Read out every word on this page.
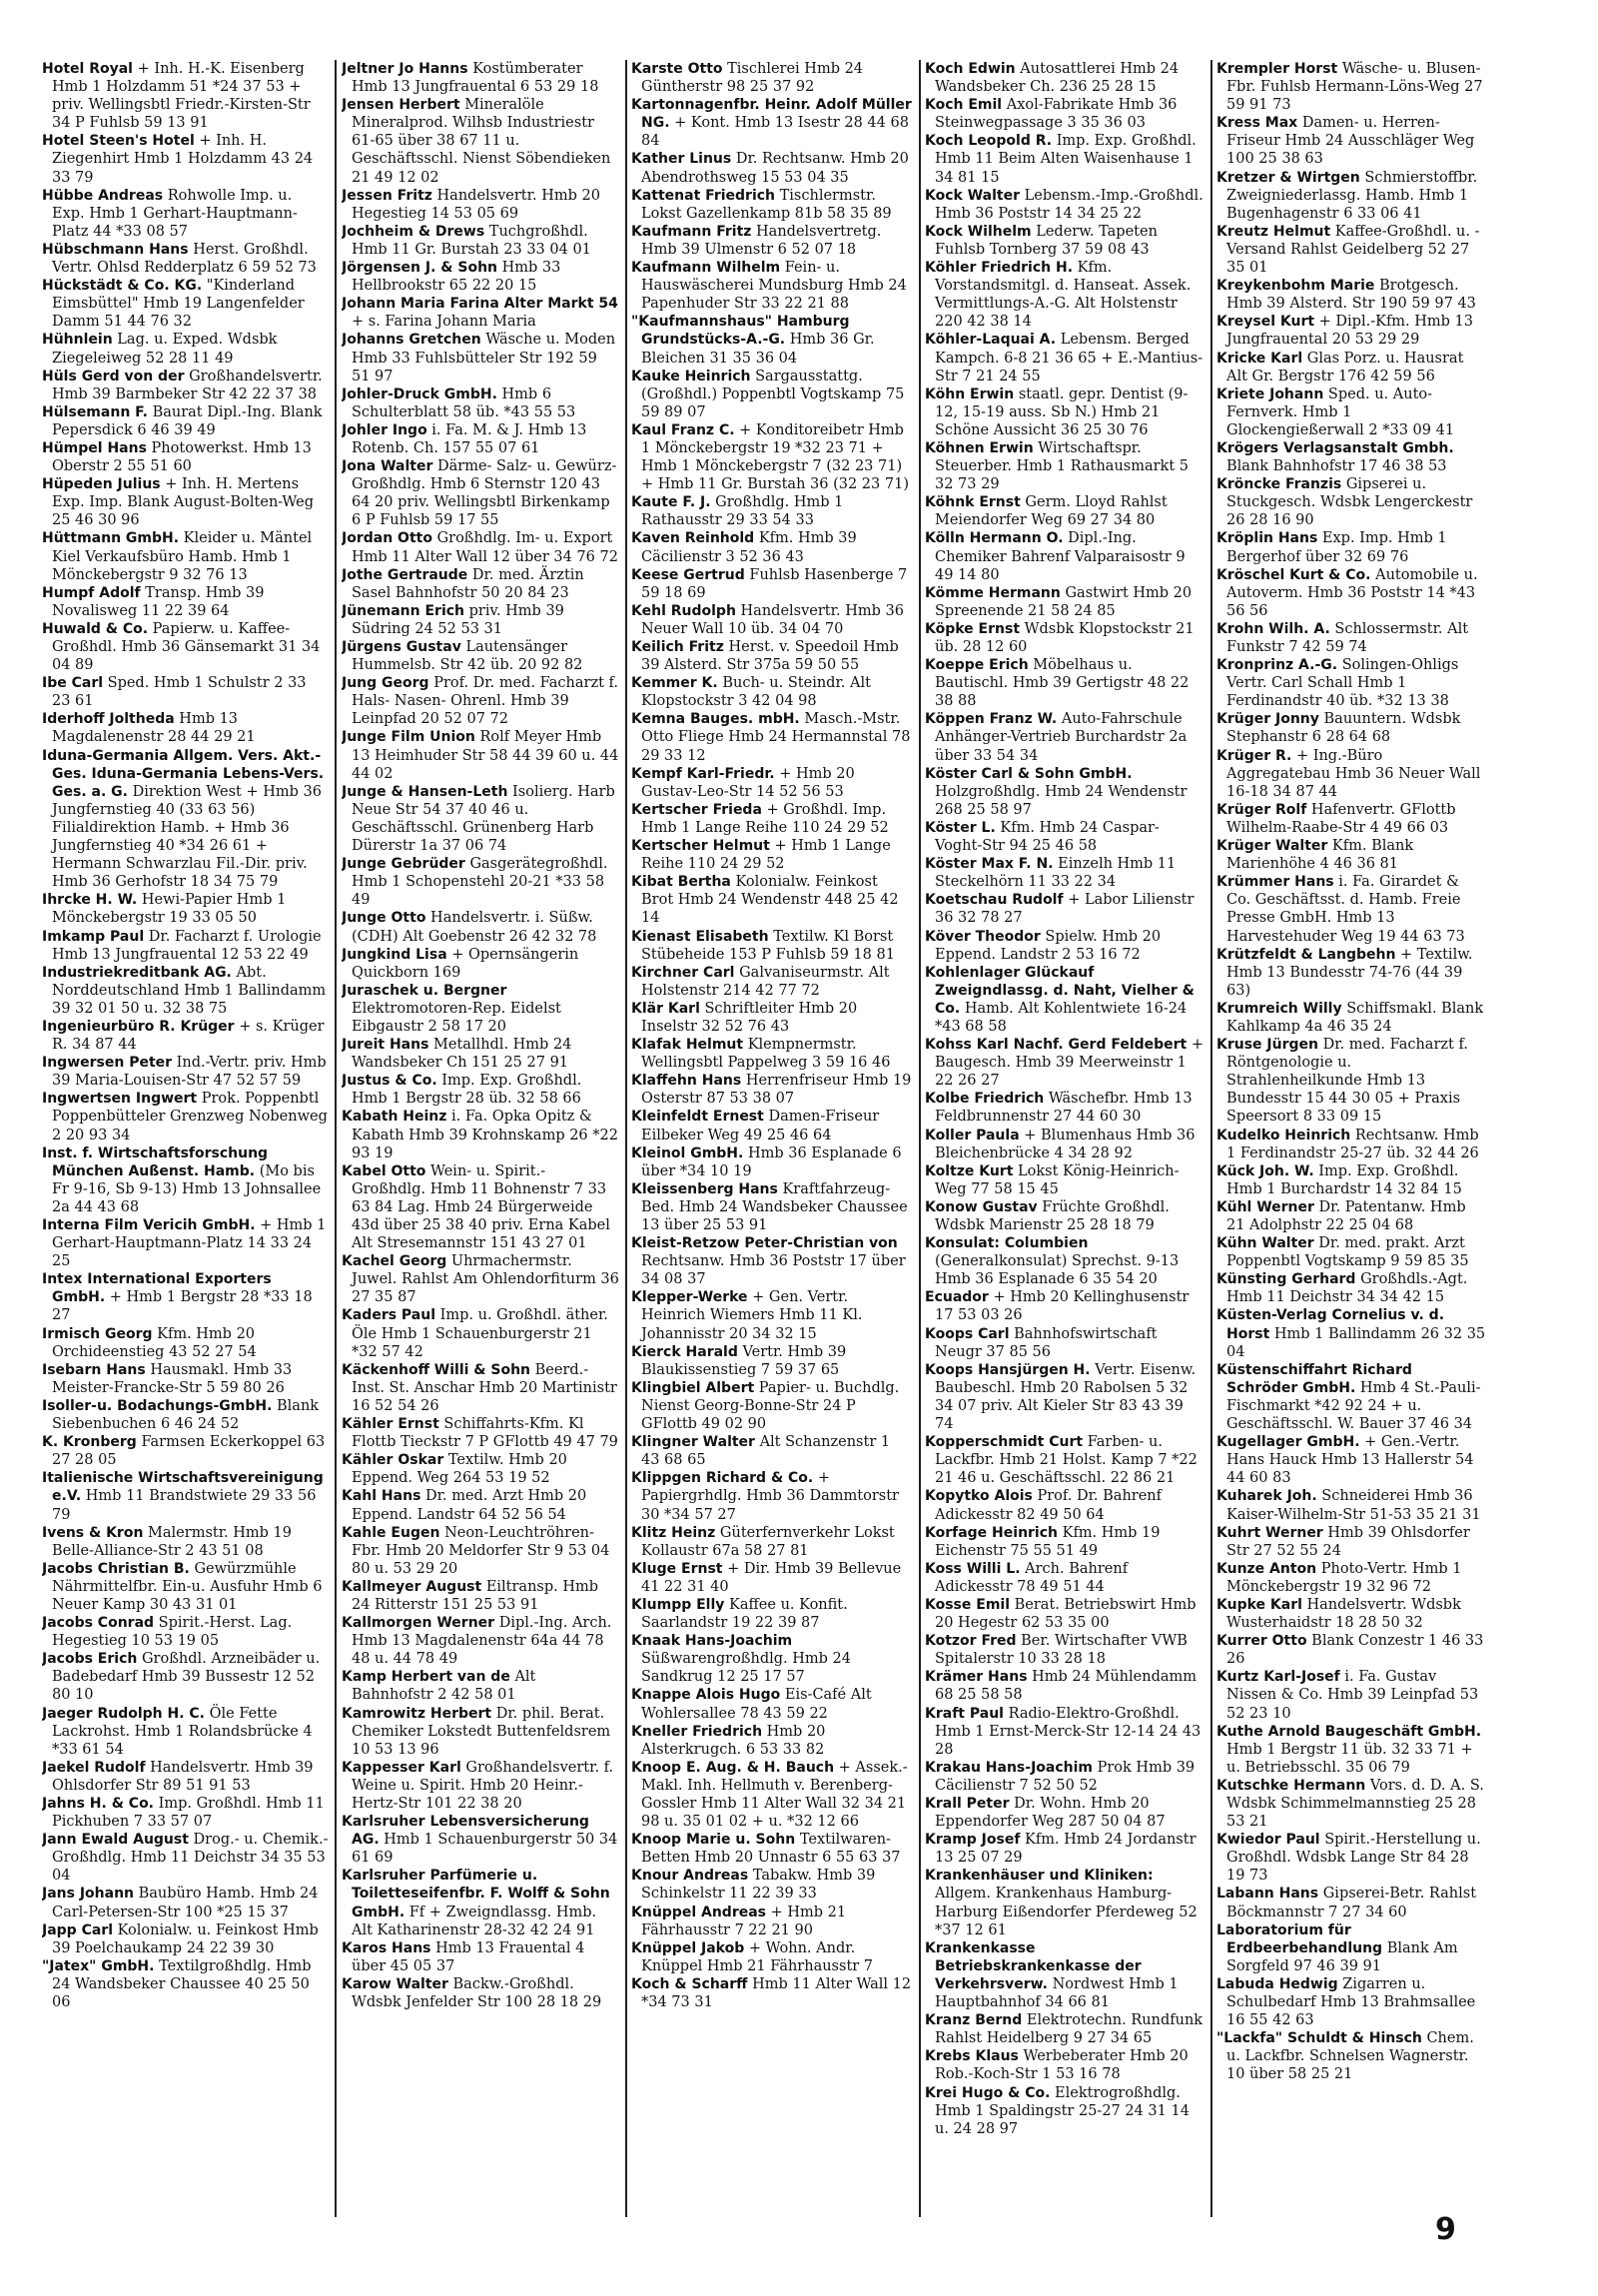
Hotel Royal + Inh. H.-K. Eisenberg Hmb 1 Holzdamm 51 *24 37 53 + priv. Wellingsbtl Friedr.-Kirsten-Str 34 P Fuhlsb 59 13 91

Hotel Steen's Hotel + Inh. H. Ziegenhirt Hmb 1 Holzdamm 43 24 33 79

Hübbe Andreas Rohwolle Imp. u. Exp. Hmb 1 Gerhart-Hauptmann-Platz 44 *33 08 57

Hübschmann Hans Herst. Großhdl. Vertr. Ohlsd Redderplatz 6 59 52 73

Hückstädt & Co. KG. "Kinderland Eimsbüttel" Hmb 19 Langenfelder Damm 51 44 76 32

Hühnlein Lag. u. Exped. Wdsbk Ziegeleiweg 52 28 11 49

Hüls Gerd von der Großhandelsvertr. Hmb 39 Barmbeker Str 42 22 37 38

Hülsemann F. Baurat Dipl.-Ing. Blank Pepersdick 6 46 39 49

Hümpel Hans Photowerkst. Hmb 13 Oberstr 2 55 51 60

Hüpeden Julius + Inh. H. Mertens Exp. Imp. Blank August-Bolten-Weg 25 46 30 96

Hüttmann GmbH. Kleider u. Mäntel Kiel Verkaufsbüro Hamb. Hmb 1 Mönckebergstr 9 32 76 13

Humpf Adolf Transp. Hmb 39 Novalisweg 11 22 39 64

Huwald & Co. Papierw. u. Kaffee-Großhdl. Hmb 36 Gänsemarkt 31 34 04 89

Ibe Carl Sped. Hmb 1 Schulstr 2 33 23 61

Iderhoff Joltheda Hmb 13 Magdalenenstr 28 44 29 21

Iduna-Germania Allgem. Vers. Akt.-Ges. Iduna-Germania Lebens-Vers. Ges. a. G. Direktion West + Hmb 36 Jungfernstieg 40 (33 63 56) Filialdirektion Hamb. + Hmb 36 Jungfernstieg 40 *34 26 61 + Hermann Schwarzlau Fil.-Dir. priv. Hmb 36 Gerhofstr 18 34 75 79

Ihrcke H. W. Hewi-Papier Hmb 1 Mönckebergstr 19 33 05 50

Imkamp Paul Dr. Facharzt f. Urologie Hmb 13 Jungfrauental 12 53 22 49

Industriekreditbank AG. Abt. Norddeutschland Hmb 1 Ballindamm 39 32 01 50 u. 32 38 75

Ingenieurbüro R. Krüger + s. Krüger R. 34 87 44

Ingwersen Peter Ind.-Vertr. priv. Hmb 39 Maria-Louisen-Str 47 52 57 59

Ingwertsen Ingwert Prok. Poppenbtl Poppenbütteler Grenzweg Nobenweg 2 20 93 34

Inst. f. Wirtschaftsforschung München Außenst. Hamb. (Mo bis Fr 9-16, Sb 9-13) Hmb 13 Johnsallee 2a 44 43 68

Interna Film Vericih GmbH. + Hmb 1 Gerhart-Hauptmann-Platz 14 33 24 25

Intex International Exporters GmbH. + Hmb 1 Bergstr 28 *33 18 27

Irmisch Georg Kfm. Hmb 20 Orchideenstieg 43 52 27 54

Isebarn Hans Hausmakl. Hmb 33 Meister-Francke-Str 5 59 80 26

Isoller-u. Bodachungs-GmbH. Blank Siebenbuchen 6 46 24 52

K. Kronberg Farmsen Eckerkoppel 63 27 28 05

Italienische Wirtschaftsvereinigung e.V. Hmb 11 Brandstwiete 29 33 56 79

Ivens & Kron Malermstr. Hmb 19 Belle-Alliance-Str 2 43 51 08

Jacobs Christian B. Gewürzmühle Nährmittelfbr. Ein-u. Ausfuhr Hmb 6 Neuer Kamp 30 43 31 01

Jacobs Conrad Spirit.-Herst. Lag. Hegestieg 10 53 19 05

Jacobs Erich Großhdl. Arzneibäder u. Badebedarf Hmb 39 Bussestr 12 52 80 10

Jaeger Rudolph H. C. Öle Fette Lackrohst. Hmb 1 Rolandsbrücke 4 *33 61 54

Jaekel Rudolf Handelsvertr. Hmb 39 Ohlsdorfer Str 89 51 91 53

Jahns H. & Co. Imp. Großhdl. Hmb 11 Pickhuben 7 33 57 07

Jann Ewald August Drog.- u. Chemik.-Großhdlg. Hmb 11 Deichstr 34 35 53 04

Jans Johann Baubüro Hamb. Hmb 24 Carl-Petersen-Str 100 *25 15 37

Japp Carl Kolonialw. u. Feinkost Hmb 39 Poelchaukamp 24 22 39 30

"Jatex" GmbH. Textilgroßhdlg. Hmb 24 Wandsbeker Chaussee 40 25 50 06

Jeltner Jo Hanns Kostümberater Hmb 13 Jungfrauental 6 53 29 18

Jensen Herbert Mineralöle Mineralprod. Wilhsb Industriestr 61-65 über 38 67 11 u. Geschäftsschl. Nienst Söbendieken 21 49 12 02

Jessen Fritz Handelsvertr. Hmb 20 Hegestieg 14 53 05 69

Jochheim & Drews Tuchgroßhdl. Hmb 11 Gr. Burstah 23 33 04 01

Jörgensen J. & Sohn Hmb 33 Hellbrookstr 65 22 20 15

Johann Maria Farina Alter Markt 54 + s. Farina Johann Maria

Johanns Gretchen Wäsche u. Moden Hmb 33 Fuhlsbütteler Str 192 59 51 97

Johler-Druck GmbH. Hmb 6 Schulterblatt 58 üb. *43 55 53

Johler Ingo i. Fa. M. & J. Hmb 13 Rotenb. Ch. 157 55 07 61

Jona Walter Därme- Salz- u. Gewürz-Großhdlg. Hmb 6 Sternstr 120 43 64 20 priv. Wellingsbtl Birkenkamp 6 P Fuhlsb 59 17 55

Jordan Otto Großhdlg. Im- u. Export Hmb 11 Alter Wall 12 über 34 76 72

Jothe Gertraude Dr. med. Ärztin Sasel Bahnhofstr 50 20 84 23

Jünemann Erich priv. Hmb 39 Südring 24 52 53 31

Jürgens Gustav Lautensänger Hummelsb. Str 42 üb. 20 92 82

Jung Georg Prof. Dr. med. Facharzt f. Hals- Nasen- Ohrenl. Hmb 39 Leinpfad 20 52 07 72

Junge Film Union Rolf Meyer Hmb 13 Heimhuder Str 58 44 39 60 u. 44 44 02

Junge & Hansen-Leth Isolierg. Harb Neue Str 54 37 40 46 u. Geschäftsschl. Grünenberg Harb Dürerstr 1a 37 06 74

Junge Gebrüder Gasgerätegroßhdl. Hmb 1 Schopenstehl 20-21 *33 58 49

Junge Otto Handelsvertr. i. Süßw. (CDH) Alt Goebenstr 26 42 32 78

Jungkind Lisa + Opernsängerin Quickborn 169

Juraschek u. Bergner Elektromotoren-Rep. Eidelst Eibgaustr 2 58 17 20

Jureit Hans Metallhdl. Hmb 24 Wandsbeker Ch 151 25 27 91

Justus & Co. Imp. Exp. Großhdl. Hmb 1 Bergstr 28 üb. 32 58 66

Kabath Heinz i. Fa. Opka Opitz & Kabath Hmb 39 Krohnskamp 26 *22 93 19

Kabel Otto Wein- u. Spirit.-Großhdlg. Hmb 11 Bohnenstr 7 33 63 84 Lag. Hmb 24 Bürgerweide 43d über 25 38 40 priv. Erna Kabel Alt Stresemannstr 151 43 27 01

Kachel Georg Uhrmachermstr. Juwel. Rahlst Am Ohlendorfiturm 36 27 35 87

Kaders Paul Imp. u. Großhdl. äther. Öle Hmb 1 Schauenburgerstr 21 *32 57 42

Käckenhoff Willi & Sohn Beerd.-Inst. St. Anschar Hmb 20 Martinistr 16 52 54 26

Kähler Ernst Schiffahrts-Kfm. Kl Flottb Tieckstr 7 P GFlottb 49 47 79

Kähler Oskar Textilw. Hmb 20 Eppend. Weg 264 53 19 52

Kahl Hans Dr. med. Arzt Hmb 20 Eppend. Landstr 64 52 56 54

Kahle Eugen Neon-Leuchtröhren-Fbr. Hmb 20 Meldorfer Str 9 53 04 80 u. 53 29 20

Kallmeyer August Eiltransp. Hmb 24 Ritterstr 151 25 53 91

Kallmorgen Werner Dipl.-Ing. Arch. Hmb 13 Magdalenenstr 64a 44 78 48 u. 44 78 49

Kamp Herbert van de Alt Bahnhofstr 2 42 58 01

Kamrowitz Herbert Dr. phil. Berat. Chemiker Lokstedt Buttenfeldsrem 10 53 13 96

Kappesser Karl Großhandelsvertr. f. Weine u. Spirit. Hmb 20 Heinr.-Hertz-Str 101 22 38 20

Karlsruher Lebensversicherung AG. Hmb 1 Schauenburgerstr 50 34 61 69

Karlsruher Parfümerie u. Toiletteseifenfbr. F. Wolff & Sohn GmbH. Ff + Zweigndlassg. Hmb. Alt Katharinenstr 28-32 42 24 91

Karos Hans Hmb 13 Frauental 4 über 45 05 37

Karow Walter Backw.-Großhdl. Wdsbk Jenfelder Str 100 28 18 29

Karste Otto Tischlerei Hmb 24 Güntherstr 98 25 37 92

Kartonnagenfbr. Heinr. Adolf Müller NG. + Kont. Hmb 13 Isestr 28 44 68 84

Kather Linus Dr. Rechtsanw. Hmb 20 Abendrothsweg 15 53 04 35

Kattenat Friedrich Tischlermstr. Lokst Gazellenkamp 81b 58 35 89

Kaufmann Fritz Handelsvertretg. Hmb 39 Ulmenstr 6 52 07 18

Kaufmann Wilhelm Fein- u. Hauswäscherei Mundsburg Hmb 24 Papenhuder Str 33 22 21 88

"Kaufmannshaus" Hamburg Grundstücks-A.-G. Hmb 36 Gr. Bleichen 31 35 36 04

Kauke Heinrich Sargausstattg. (Großhdl.) Poppenbtl Vogtskamp 75 59 89 07

Kaul Franz C. + Konditoreibetr Hmb 1 Mönckebergstr 19 *32 23 71 + Hmb 1 Mönckebergstr 7 (32 23 71) + Hmb 11 Gr. Burstah 36 (32 23 71)

Kaute F. J. Großhdlg. Hmb 1 Rathausstr 29 33 54 33

Kaven Reinhold Kfm. Hmb 39 Cäcilienstr 3 52 36 43

Keese Gertrud Fuhlsb Hasenberge 7 59 18 69

Kehl Rudolph Handelsvertr. Hmb 36 Neuer Wall 10 üb. 34 04 70

Keilich Fritz Herst. v. Speedoil Hmb 39 Alsterd. Str 375a 59 50 55

Kemmer K. Buch- u. Steindr. Alt Klopstockstr 3 42 04 98

Kemna Bauges. mbH. Masch.-Mstr. Otto Fliege Hmb 24 Hermannstal 78 29 33 12

Kempf Karl-Friedr. + Hmb 20 Gustav-Leo-Str 14 52 56 53

Kertscher Frieda + Großhdl. Imp. Hmb 1 Lange Reihe 110 24 29 52

Kertscher Helmut + Hmb 1 Lange Reihe 110 24 29 52

Kibat Bertha Kolonialw. Feinkost Brot Hmb 24 Wendenstr 448 25 42 14

Kienast Elisabeth Textilw. Kl Borst Stübeheide 153 P Fuhlsb 59 18 81

Kirchner Carl Galvaniseurmstr. Alt Holstenstr 214 42 77 72

Klär Karl Schriftleiter Hmb 20 Inselstr 32 52 76 43

Klafak Helmut Klempnermstr. Wellingsbtl Pappelweg 3 59 16 46

Klaffehn Hans Herrenfriseur Hmb 19 Osterstr 87 53 38 07

Kleinfeldt Ernest Damen-Friseur Eilbeker Weg 49 25 46 64

Kleinol GmbH. Hmb 36 Esplanade 6 über *34 10 19

Kleissenberg Hans Kraftfahrzeug-Bed. Hmb 24 Wandsbeker Chaussee 13 über 25 53 91

Kleist-Retzow Peter-Christian von Rechtsanw. Hmb 36 Poststr 17 über 34 08 37

Klepper-Werke + Gen. Vertr. Heinrich Wiemers Hmb 11 Kl. Johannisstr 20 34 32 15

Kierck Harald Vertr. Hmb 39 Blaukissenstieg 7 59 37 65

Klingbiel Albert Papier- u. Buchdlg. Nienst Georg-Bonne-Str 24 P GFlottb 49 02 90

Klingner Walter Alt Schanzenstr 1 43 68 65

Klippgen Richard & Co. + Papiergrhdlg. Hmb 36 Dammtorstr 30 *34 57 27

Klitz Heinz Güterfernverkehr Lokst Kollaustr 67a 58 27 81

Kluge Ernst + Dir. Hmb 39 Bellevue 41 22 31 40

Klumpp Elly Kaffee u. Konfit. Saarlandstr 19 22 39 87

Knaak Hans-Joachim Süßwarengroßhdlg. Hmb 24 Sandkrug 12 25 17 57

Knappe Alois Hugo Eis-Café Alt Wohlersallee 78 43 59 22

Kneller Friedrich Hmb 20 Alsterkrugch. 6 53 33 82

Knoop E. Aug. & H. Bauch + Assek.-Makl. Inh. Hellmuth v. Berenberg-Gossler Hmb 11 Alter Wall 32 34 21 98 u. 35 01 02 + u. *32 12 66

Knoop Marie u. Sohn Textilwaren-Betten Hmb 20 Unnastr 6 55 63 37

Knour Andreas Tabakw. Hmb 39 Schinkelstr 11 22 39 33

Knüppel Andreas + Hmb 21 Fährhausstr 7 22 21 90

Knüppel Jakob + Wohn. Andr. Knüppel Hmb 21 Fährhausstr 7

Koch & Scharff Hmb 11 Alter Wall 12 *34 73 31

Koch Edwin Autosattlerei Hmb 24 Wandsbeker Ch. 236 25 28 15

Koch Emil Axol-Fabrikate Hmb 36 Steinwegpassage 3 35 36 03

Koch Leopold R. Imp. Exp. Großhdl. Hmb 11 Beim Alten Waisenhause 1 34 81 15

Kock Walter Lebensm.-Imp.-Großhdl. Hmb 36 Poststr 14 34 25 22

Kock Wilhelm Lederw. Tapeten Fuhlsb Tornberg 37 59 08 43

Köhler Friedrich H. Kfm. Vorstandsmitgl. d. Hanseat. Assek. Vermittlungs-A.-G. Alt Holstenstr 220 42 38 14

Köhler-Laquai A. Lebensm. Berged Kampch. 6-8 21 36 65 + E.-Mantius-Str 7 21 24 55

Köhn Erwin staatl. gepr. Dentist (9-12, 15-19 auss. Sb N.) Hmb 21 Schöne Aussicht 36 25 30 76

Köhnen Erwin Wirtschaftspr. Steuerber. Hmb 1 Rathausmarkt 5 32 73 29

Köhnk Ernst Germ. Lloyd Rahlst Meiendorfer Weg 69 27 34 80

Kölln Hermann O. Dipl.-Ing. Chemiker Bahrenf Valparaisostr 9 49 14 80

Kömme Hermann Gastwirt Hmb 20 Spreenende 21 58 24 85

Köpke Ernst Wdsbk Klopstockstr 21 üb. 28 12 60

Koeppe Erich Möbelhaus u. Bautischl. Hmb 39 Gertigstr 48 22 38 88

Köppen Franz W. Auto-Fahrschule Anhänger-Vertrieb Burchardstr 2a über 33 54 34

Köster Carl & Sohn GmbH. Holzgroßhdlg. Hmb 24 Wendenstr 268 25 58 97

Köster L. Kfm. Hmb 24 Caspar-Voght-Str 94 25 46 58

Köster Max F. N. Einzelh Hmb 11 Steckelhörn 11 33 22 34

Koetschau Rudolf + Labor Lilienstr 36 32 78 27

Köver Theodor Spielw. Hmb 20 Eppend. Landstr 2 53 16 72

Kohlenlager Glückauf Zweigndlassg. d. Naht, Vielher & Co. Hamb. Alt Kohlentwiete 16-24 *43 68 58

Kohss Karl Nachf. Gerd Feldebert + Baugesch. Hmb 39 Meerweinstr 1 22 26 27

Kolbe Friedrich Wäschefbr. Hmb 13 Feldbrunnenstr 27 44 60 30

Koller Paula + Blumenhaus Hmb 36 Bleichenbrücke 4 34 28 92

Koltze Kurt Lokst König-Heinrich-Weg 77 58 15 45

Konow Gustav Früchte Großhdl. Wdsbk Marienstr 25 28 18 79

Konsulat: Columbien (Generalkonsulat) Sprechst. 9-13 Hmb 36 Esplanade 6 35 54 20

Ecuador + Hmb 20 Kellinghusenstr 17 53 03 26

Koops Carl Bahnhofswirtschaft Neugr 37 85 56

Koops Hansjürgen H. Vertr. Eisenw. Baubeschl. Hmb 20 Rabolsen 5 32 34 07 priv. Alt Kieler Str 83 43 39 74

Kopperschmidt Curt Farben- u. Lackfbr. Hmb 21 Holst. Kamp 7 *22 21 46 u. Geschäftsschl. 22 86 21

Kopytko Alois Prof. Dr. Bahrenf Adickesstr 82 49 50 64

Korfage Heinrich Kfm. Hmb 19 Eichenstr 75 55 51 49

Koss Willi L. Arch. Bahrenf Adickesstr 78 49 51 44

Kosse Emil Berat. Betriebswirt Hmb 20 Hegestr 62 53 35 00

Kotzor Fred Ber. Wirtschafter VWB Spitalerstr 10 33 28 18

Krämer Hans Hmb 24 Mühlendamm 68 25 58 58

Kraft Paul Radio-Elektro-Großhdl. Hmb 1 Ernst-Merck-Str 12-14 24 43 28

Krakau Hans-Joachim Prok Hmb 39 Cäcilienstr 7 52 50 52

Krall Peter Dr. Wohn. Hmb 20 Eppendorfer Weg 287 50 04 87

Kramp Josef Kfm. Hmb 24 Jordanstr 13 25 07 29

Krankenhäuser und Kliniken: Allgem. Krankenhaus Hamburg-Harburg Eißendorfer Pferdeweg 52 *37 12 61

Krankenkasse Betriebskrankenkasse der Verkehrsverw. Nordwest Hmb 1 Hauptbahnhof 34 66 81

Kranz Bernd Elektrotechn. Rundfunk Rahlst Heidelberg 9 27 34 65

Krebs Klaus Werbeberater Hmb 20 Rob.-Koch-Str 1 53 16 78

Krei Hugo & Co. Elektrogroßhdlg. Hmb 1 Spaldingstr 25-27 24 31 14 u. 24 28 97

Krempler Horst Wäsche- u. Blusen-Fbr. Fuhlsb Hermann-Löns-Weg 27 59 91 73

Kress Max Damen- u. Herren-Friseur Hmb 24 Ausschläger Weg 100 25 38 63

Kretzer & Wirtgen Schmierstoffbr. Zweigniederlassg. Hamb. Hmb 1 Bugenhagenstr 6 33 06 41

Kreutz Helmut Kaffee-Großhdl. u. -Versand Rahlst Geidelberg 52 27 35 01

Kreykenbohm Marie Brotgesch. Hmb 39 Alsterd. Str 190 59 97 43

Kreysel Kurt + Dipl.-Kfm. Hmb 13 Jungfrauental 20 53 29 29

Kricke Karl Glas Porz. u. Hausrat Alt Gr. Bergstr 176 42 59 56

Kriete Johann Sped. u. Auto-Fernverk. Hmb 1 Glockengießerwall 2 *33 09 41

Krögers Verlagsanstalt Gmbh. Blank Bahnhofstr 17 46 38 53

Kröncke Franzis Gipserei u. Stuckgesch. Wdsbk Lengerckestr 26 28 16 90

Kröplin Hans Exp. Imp. Hmb 1 Bergerhof über 32 69 76

Kröschel Kurt & Co. Automobile u. Autoverm. Hmb 36 Poststr 14 *43 56 56

Krohn Wilh. A. Schlossermstr. Alt Funkstr 7 42 59 74

Kronprinz A.-G. Solingen-Ohligs Vertr. Carl Schall Hmb 1 Ferdinandstr 40 üb. *32 13 38

Krüger Jonny Bauuntern. Wdsbk Stephanstr 6 28 64 68

Krüger R. + Ing.-Büro Aggregatebau Hmb 36 Neuer Wall 16-18 34 87 44

Krüger Rolf Hafenvertr. GFlottb Wilhelm-Raabe-Str 4 49 66 03

Krüger Walter Kfm. Blank Marienhöhe 4 46 36 81

Krümmer Hans i. Fa. Girardet & Co. Geschäftsst. d. Hamb. Freie Presse GmbH. Hmb 13 Harvestehuder Weg 19 44 63 73

Krützfeldt & Langbehn + Textilw. Hmb 13 Bundesstr 74-76 (44 39 63)

Krumreich Willy Schiffsmakl. Blank Kahlkamp 4a 46 35 24

Kruse Jürgen Dr. med. Facharzt f. Röntgenologie u. Strahlenheilkunde Hmb 13 Bundesstr 15 44 30 05 + Praxis Speersort 8 33 09 15

Kudelko Heinrich Rechtsanw. Hmb 1 Ferdinandstr 25-27 üb. 32 44 26

Kück Joh. W. Imp. Exp. Großhdl. Hmb 1 Burchardstr 14 32 84 15

Kühl Werner Dr. Patentanw. Hmb 21 Adolphstr 22 25 04 68

Kühn Walter Dr. med. prakt. Arzt Poppenbtl Vogtskamp 9 59 85 35

Künsting Gerhard Großhdls.-Agt. Hmb 11 Deichstr 34 34 42 15

Küsten-Verlag Cornelius v. d. Horst Hmb 1 Ballindamm 26 32 35 04

Küstenschiffahrt Richard Schröder GmbH. Hmb 4 St.-Pauli-Fischmarkt *42 92 24 + u. Geschäftsschl. W. Bauer 37 46 34

Kugellager GmbH. + Gen.-Vertr. Hans Hauck Hmb 13 Hallerstr 54 44 60 83

Kuharek Joh. Schneiderei Hmb 36 Kaiser-Wilhelm-Str 51-53 35 21 31

Kuhrt Werner Hmb 39 Ohlsdorfer Str 27 52 55 24

Kunze Anton Photo-Vertr. Hmb 1 Mönckebergstr 19 32 96 72

Kupke Karl Handelsvertr. Wdsbk Wusterhaidstr 18 28 50 32

Kurrer Otto Blank Conzestr 1 46 33 26

Kurtz Karl-Josef i. Fa. Gustav Nissen & Co. Hmb 39 Leinpfad 53 52 23 10

Kuthe Arnold Baugeschäft GmbH. Hmb 1 Bergstr 11 üb. 32 33 71 + u. Betriebsschl. 35 06 79

Kutschke Hermann Vors. d. D. A. S. Wdsbk Schimmelmannstieg 25 28 53 21

Kwiedor Paul Spirit.-Herstellung u. Großhdl. Wdsbk Lange Str 84 28 19 73

Labann Hans Gipserei-Betr. Rahlst Böckmannstr 7 27 34 60

Laboratorium für Erdbeerbehandlung Blank Am Sorgfeld 97 46 39 91

Labuda Hedwig Zigarren u. Schulbedarf Hmb 13 Brahmsallee 16 55 42 63

"Lackfa" Schuldt & Hinsch Chem. u. Lackfbr. Schnelsen Wagnerstr. 10 über 58 25 21

9
